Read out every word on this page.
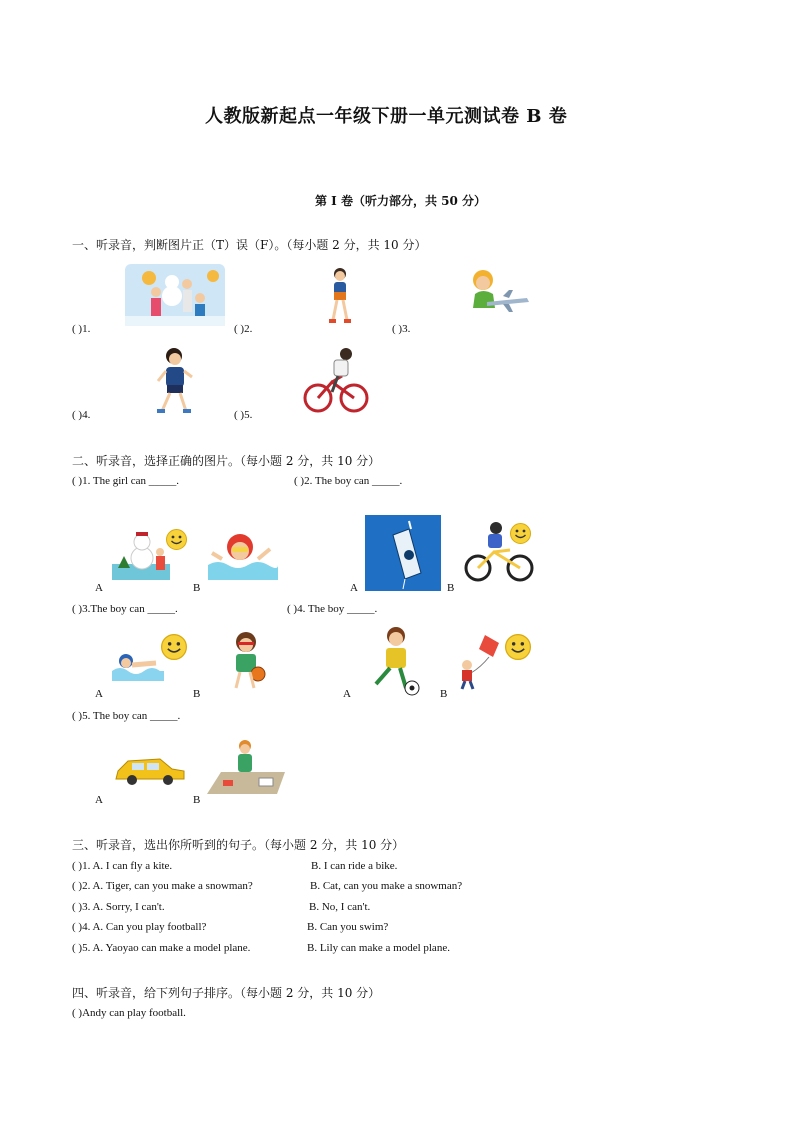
人教版新起点一年级下册一单元测试卷 B 卷
第 I 卷（听力部分，共 50 分）
一、听录音，判断图片正（T）误（F）。（每小题 2 分，共 10 分）
( )1.	( )2.	( )3.
( )4.	( )5.
二、听录音，选择正确的图片。（每小题 2 分，共 10 分）
( )1. The girl can _____.	( )2. The boy can _____.
A	B	A	B
( )3.The boy can _____.	( )4. The boy _____.
A	B	A	B
( )5. The boy can _____.
A	B
三、听录音，选出你所听到的句子。（每小题 2 分，共 10 分）
( )1. A. I can fly a kite.	B. I can ride a bike.
( )2. A. Tiger, can you make a snowman?	B. Cat, can you make a snowman?
( )3. A. Sorry, I can't.	B. No, I can't.
( )4. A. Can you play football?	B. Can you swim?
( )5. A. Yaoyao can make a model plane.	B. Lily can make a model plane.
四、听录音，给下列句子排序。（每小题 2 分，共 10 分）
( )Andy can play football.
